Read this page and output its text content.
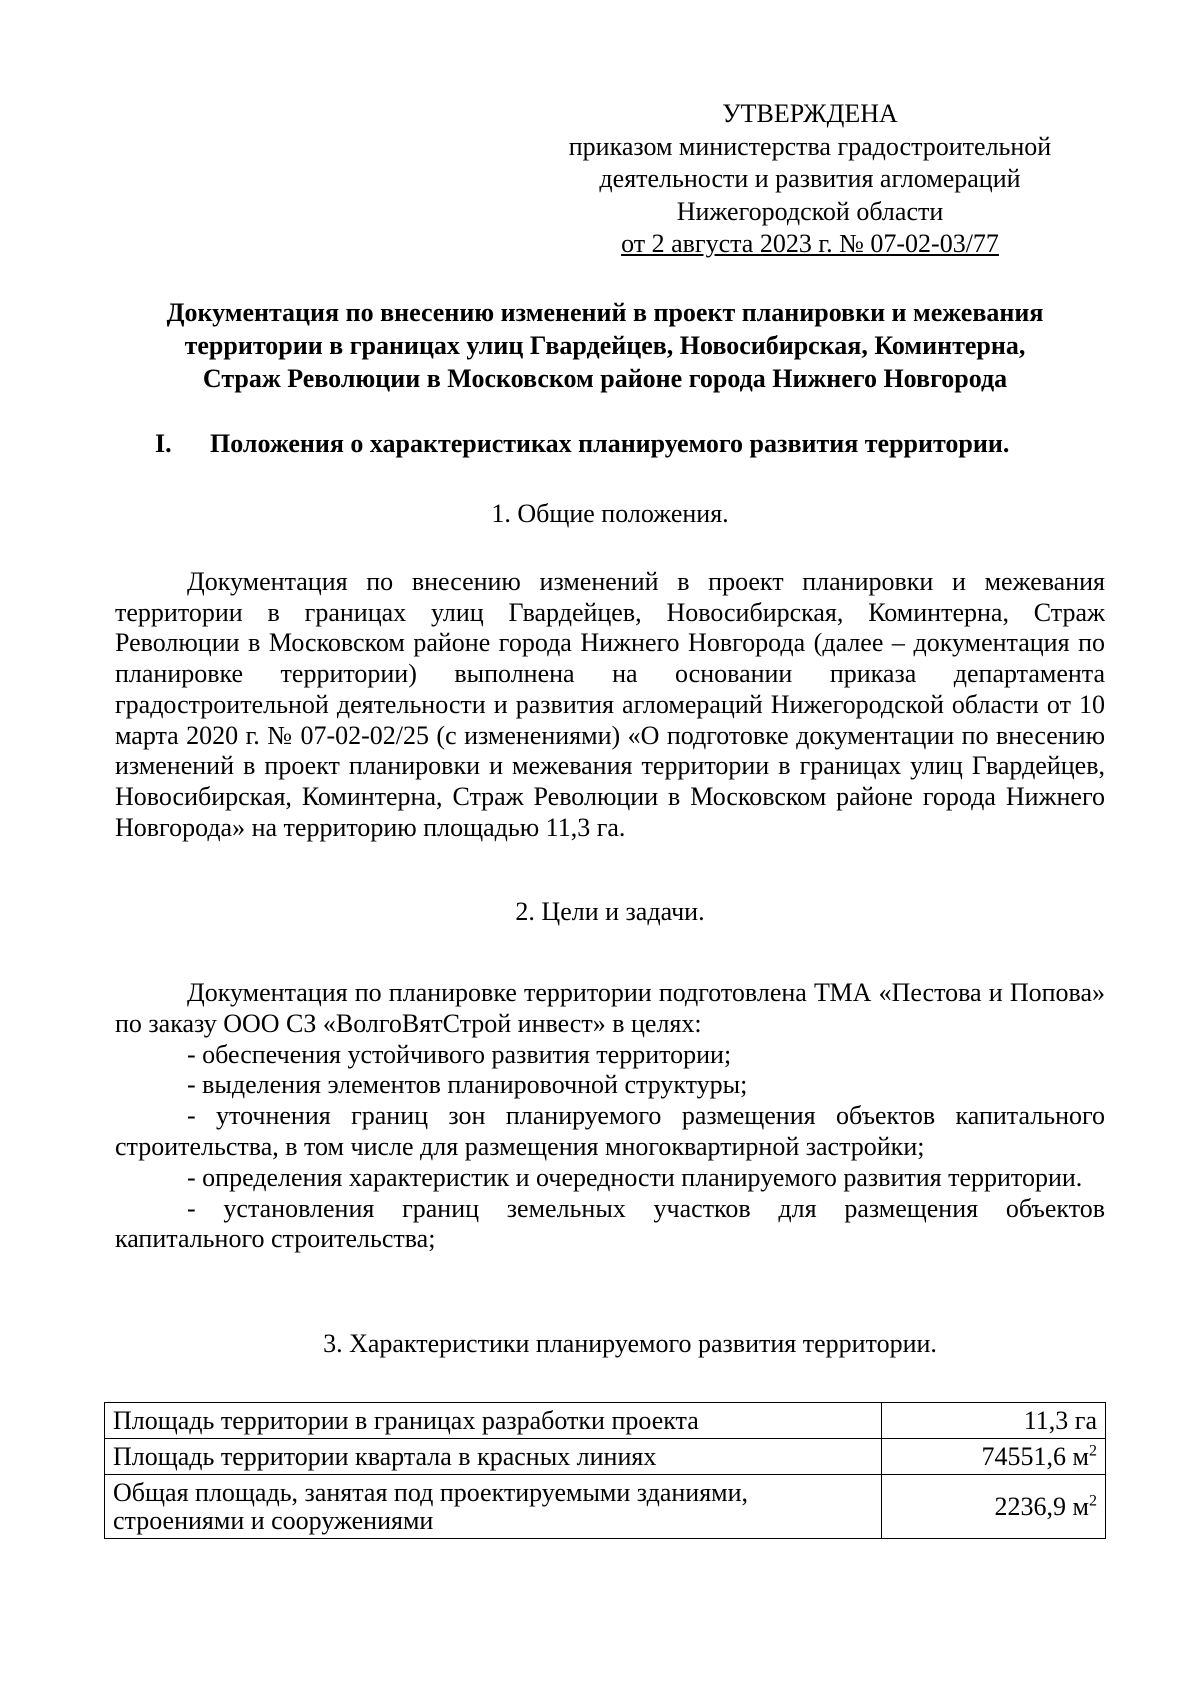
УТВЕРЖДЕНА
приказом министерства градостроительной
деятельности и развития агломераций
Нижегородской области
от 2 августа 2023 г. № 07-02-03/77
Документация по внесению изменений в проект планировки и межевания
территории в границах улиц Гвардейцев, Новосибирская, Коминтерна,
Страж Революции в Московском районе города Нижнего Новгорода
I. Положения о характеристиках планируемого развития территории.
1. Общие положения.
Документация по внесению изменений в проект планировки и межевания территории в границах улиц Гвардейцев, Новосибирская, Коминтерна, Страж Революции в Московском районе города Нижнего Новгорода (далее – документация по планировке территории) выполнена на основании приказа департамента градостроительной деятельности и развития агломераций Нижегородской области от 10 марта 2020 г. № 07-02-02/25 (с изменениями) «О подготовке документации по внесению изменений в проект планировки и межевания территории в границах улиц Гвардейцев, Новосибирская, Коминтерна, Страж Революции в Московском районе города Нижнего Новгорода» на территорию площадью 11,3 га.
2. Цели и задачи.
Документация по планировке территории подготовлена ТМА «Пестова и Попова» по заказу ООО СЗ «ВолгоВятСтрой инвест» в целях:
- обеспечения устойчивого развития территории;
- выделения элементов планировочной структуры;
- уточнения границ зон планируемого размещения объектов капитального строительства, в том числе для размещения многоквартирной застройки;
- определения характеристик и очередности планируемого развития территории.
- установления границ земельных участков для размещения объектов капитального строительства;
3. Характеристики планируемого развития территории.
Площадь территории в границах разработки проекта	11,3 га
Площадь территории квартала в красных линиях	74551,6 $м^2$
Общая площадь, занятая под проектируемыми зданиями, строениями и сооружениями	2236,9 $м^2$
